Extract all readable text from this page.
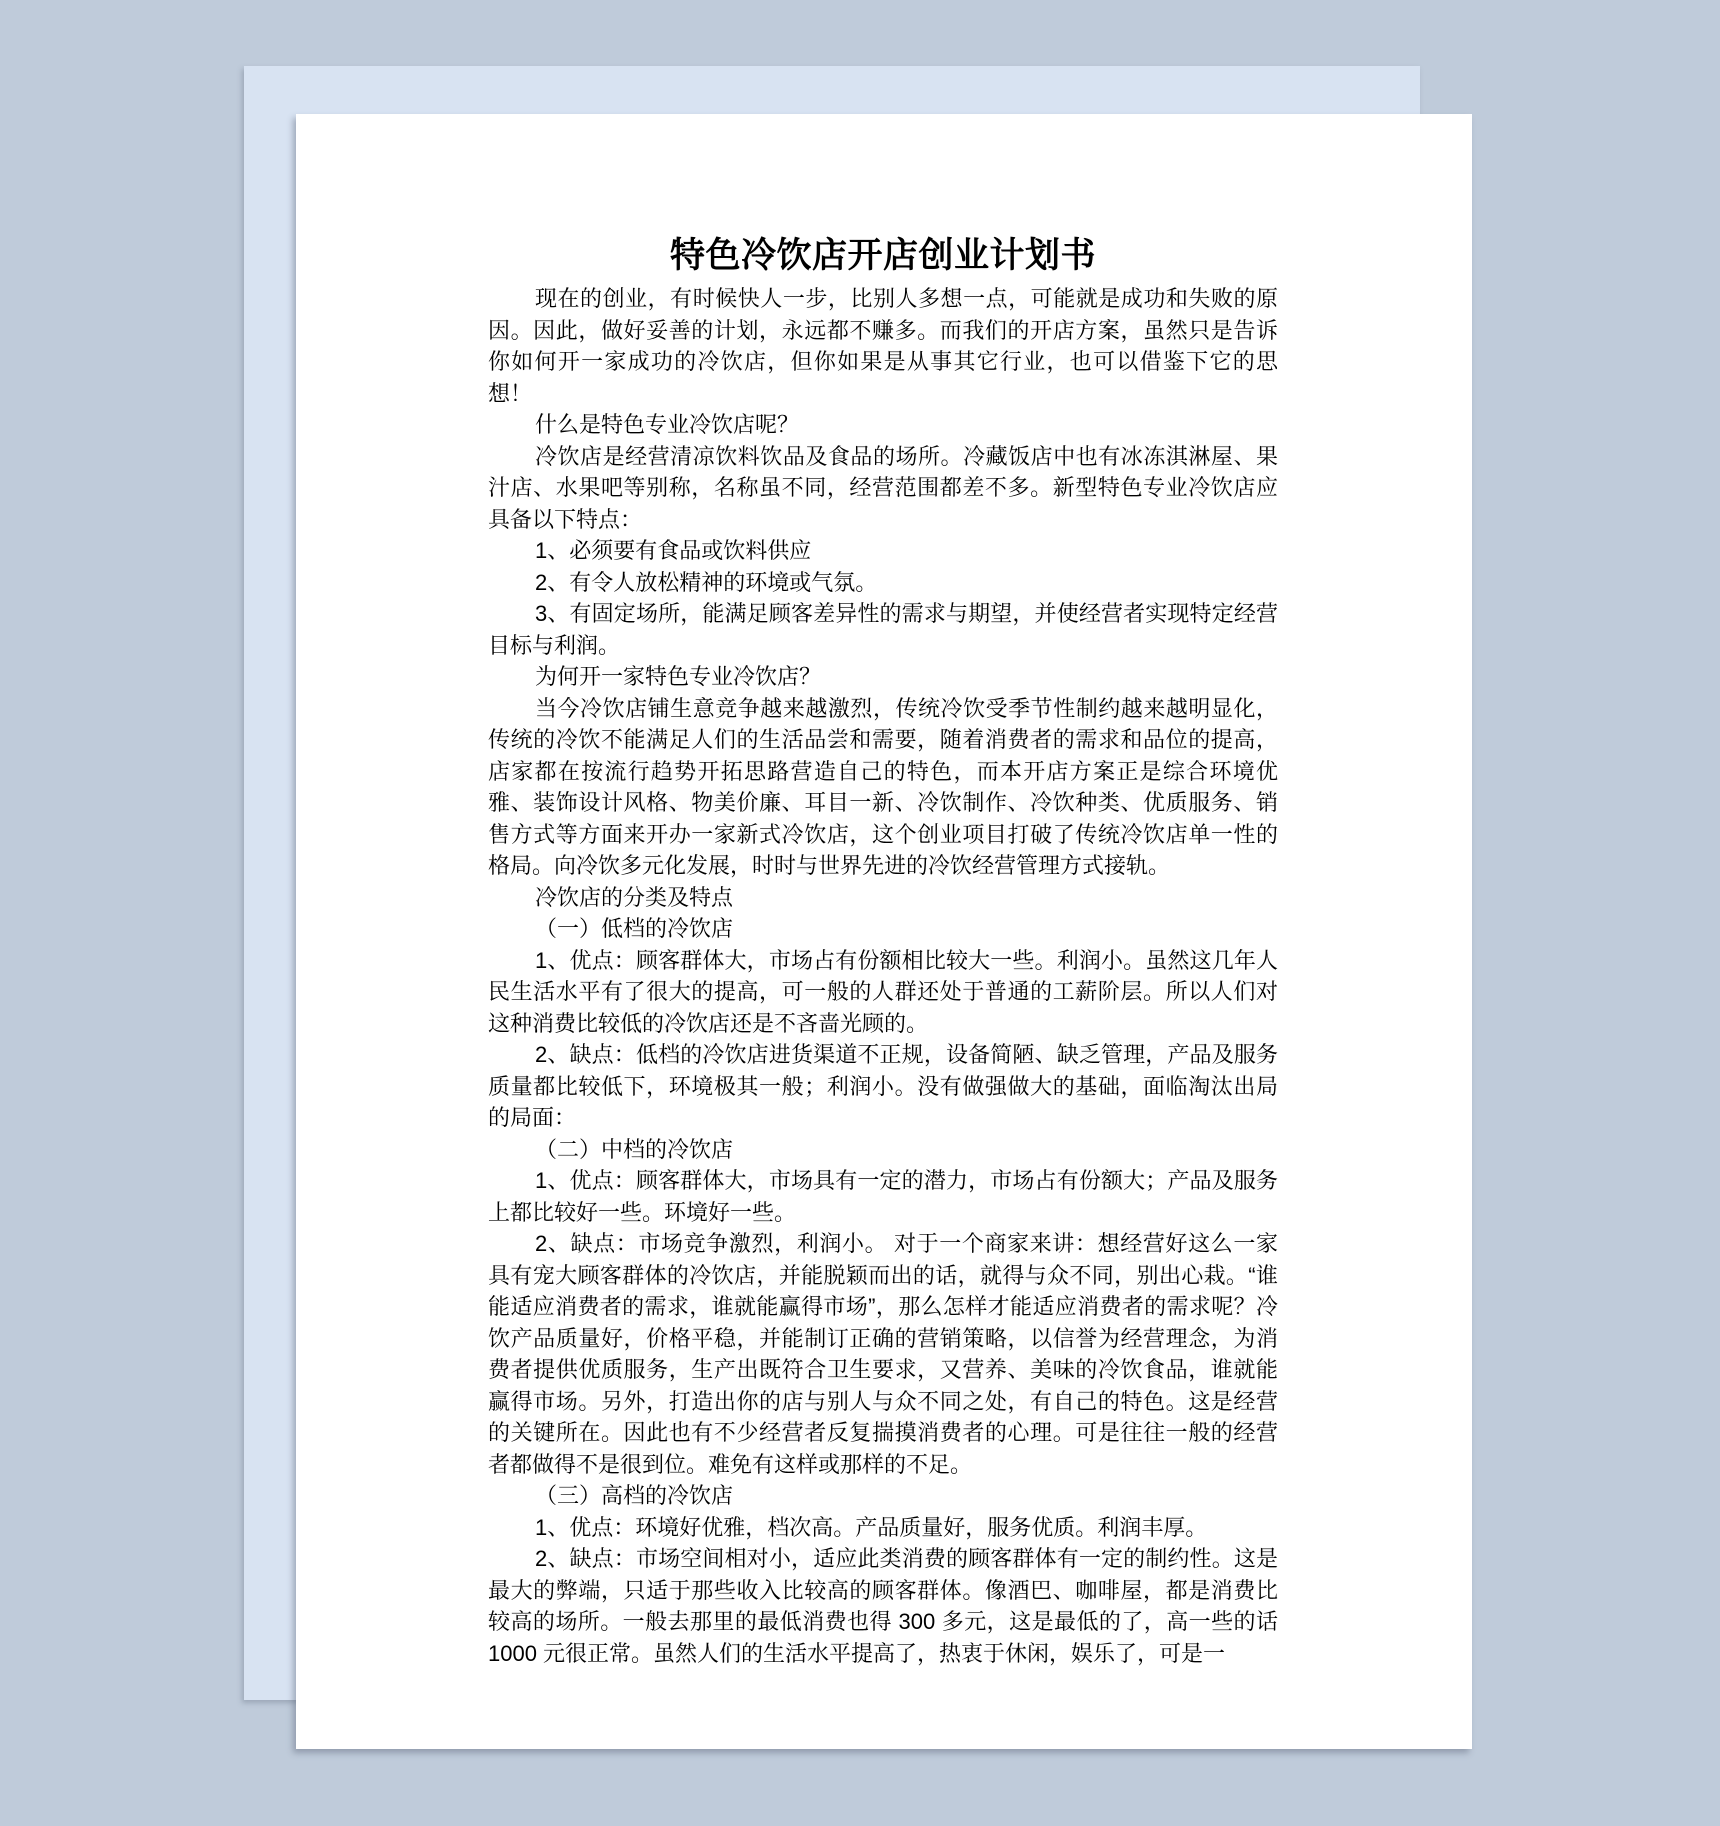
特色冷饮店开店创业计划书

现在的创业，有时候快人一步，比别人多想一点，可能就是成功和失败的原因。因此，做好妥善的计划，永远都不赚多。而我们的开店方案，虽然只是告诉你如何开一家成功的冷饮店，但你如果是从事其它行业，也可以借鉴下它的思想！

什么是特色专业冷饮店呢？

冷饮店是经营清凉饮料饮品及食品的场所。冷藏饭店中也有冰冻淇淋屋、果汁店、水果吧等别称，名称虽不同，经营范围都差不多。新型特色专业冷饮店应具备以下特点：

1、必须要有食品或饮料供应

2、有令人放松精神的环境或气氛。

3、有固定场所，能满足顾客差异性的需求与期望，并使经营者实现特定经营目标与利润。

为何开一家特色专业冷饮店？

当今冷饮店铺生意竞争越来越激烈，传统冷饮受季节性制约越来越明显化，传统的冷饮不能满足人们的生活品尝和需要，随着消费者的需求和品位的提高，店家都在按流行趋势开拓思路营造自己的特色，而本开店方案正是综合环境优雅、装饰设计风格、物美价廉、耳目一新、冷饮制作、冷饮种类、优质服务、销售方式等方面来开办一家新式冷饮店，这个创业项目打破了传统冷饮店单一性的格局。向冷饮多元化发展，时时与世界先进的冷饮经营管理方式接轨。

冷饮店的分类及特点

（一）低档的冷饮店

1、优点：顾客群体大，市场占有份额相比较大一些。利润小。虽然这几年人民生活水平有了很大的提高，可一般的人群还处于普通的工薪阶层。所以人们对这种消费比较低的冷饮店还是不吝啬光顾的。

2、缺点：低档的冷饮店进货渠道不正规，设备简陋、缺乏管理，产品及服务质量都比较低下，环境极其一般；利润小。没有做强做大的基础，面临淘汰出局的局面：

（二）中档的冷饮店

1、优点：顾客群体大，市场具有一定的潜力，市场占有份额大；产品及服务上都比较好一些。环境好一些。

2、缺点：市场竞争激烈，利润小。 对于一个商家来讲：想经营好这么一家具有宠大顾客群体的冷饮店，并能脱颖而出的话，就得与众不同，别出心栽。“谁能适应消费者的需求，谁就能赢得市场”，那么怎样才能适应消费者的需求呢？冷饮产品质量好，价格平稳，并能制订正确的营销策略，以信誉为经营理念，为消费者提供优质服务，生产出既符合卫生要求，又营养、美味的冷饮食品，谁就能赢得市场。另外，打造出你的店与别人与众不同之处，有自己的特色。这是经营的关键所在。因此也有不少经营者反复揣摸消费者的心理。可是往往一般的经营者都做得不是很到位。难免有这样或那样的不足。

（三）高档的冷饮店

1、优点：环境好优雅，档次高。产品质量好，服务优质。利润丰厚。

2、缺点：市场空间相对小，适应此类消费的顾客群体有一定的制约性。这是最大的弊端，只适于那些收入比较高的顾客群体。像酒巴、咖啡屋，都是消费比较高的场所。一般去那里的最低消费也得 300 多元，这是最低的了，高一些的话 1000 元很正常。虽然人们的生活水平提高了，热衷于休闲，娱乐了，可是一
